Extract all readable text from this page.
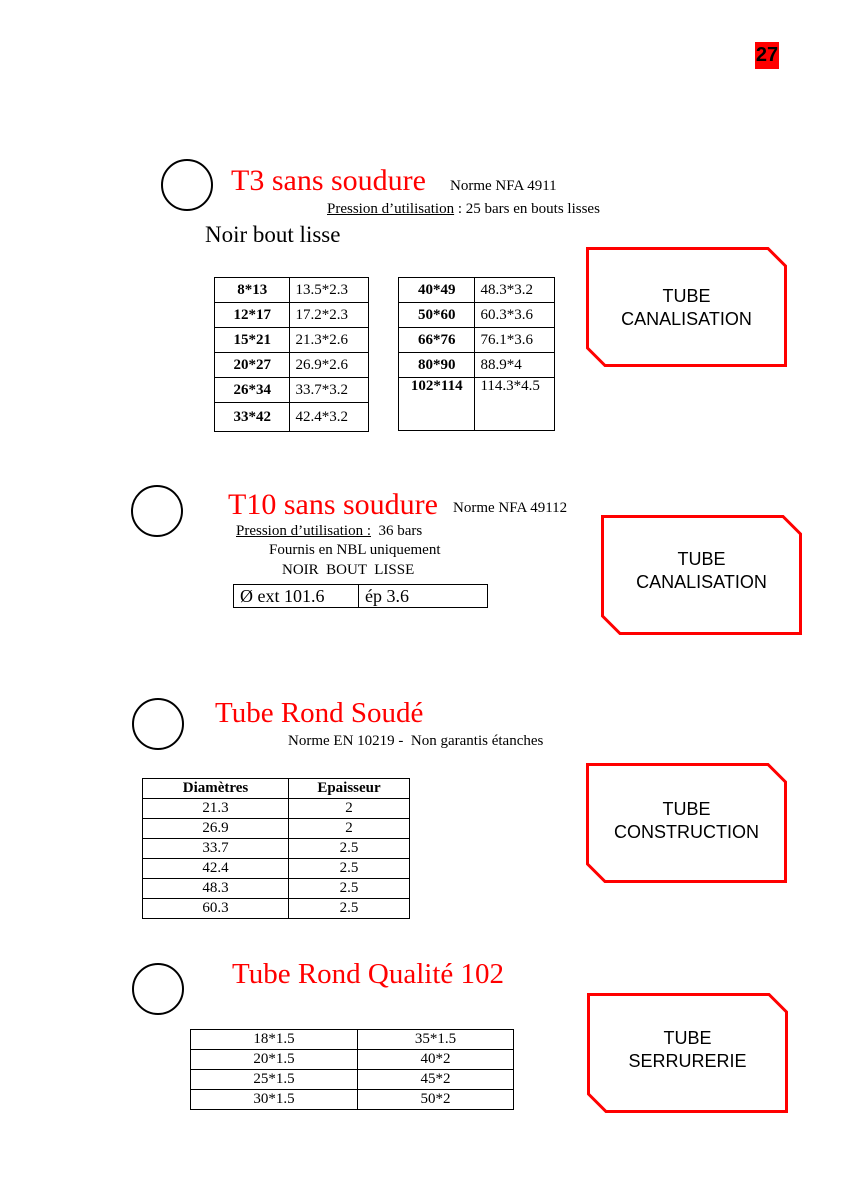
27
T3 sans soudure Norme NFA 4911
Pression d’utilisation : 25 bars en bouts lisses
Noir bout lisse
8*13	13.5*2.3
12*17	17.2*2.3
15*21	21.3*2.6
20*27	26.9*2.6
26*34	33.7*3.2
33*42	42.4*3.2
40*49	48.3*3.2
50*60	60.3*3.6
66*76	76.1*3.6
80*90	88.9*4
102*114	114.3*4.5

TUBE
CANALISATION
T10 sans soudure Norme NFA 49112
Pression d’utilisation : 36 bars
Fournis en NBL uniquement
NOIR  BOUT  LISSE
Ø ext 101.6	ép 3.6
TUBE
CANALISATION
Tube Rond Soudé
Norme EN 10219 -  Non garantis étanches
Diamètres	Epaisseur
21.3	2
26.9	2
33.7	2.5
42.4	2.5
48.3	2.5
60.3	2.5
TUBE
CONSTRUCTION
Tube Rond Qualité 102
18*1.5	35*1.5
20*1.5	40*2
25*1.5	45*2
30*1.5	50*2
TUBE
SERRURERIE
